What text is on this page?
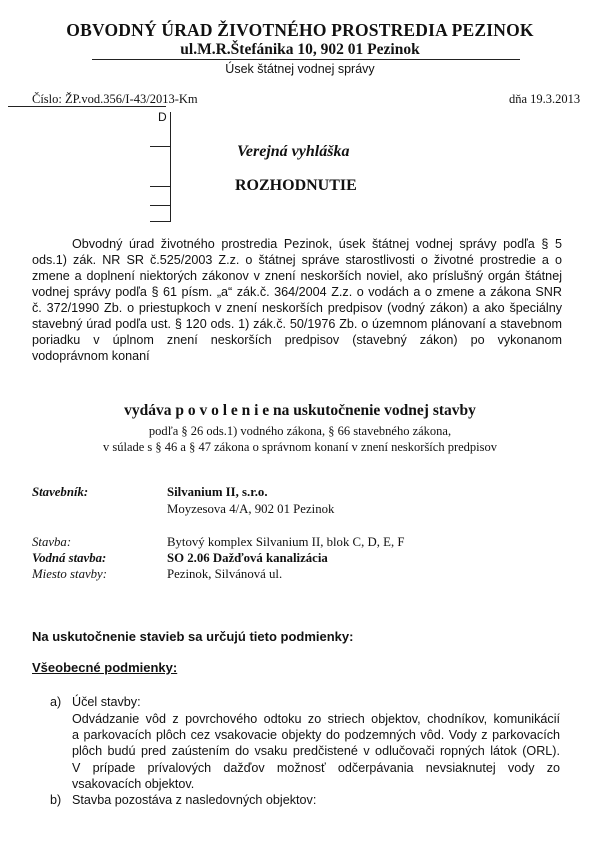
OBVODNÝ ÚRAD ŽIVOTNÉHO PROSTREDIA PEZINOK
ul.M.R.Štefánika 10, 902 01 Pezinok
Úsek štátnej vodnej správy
Číslo: ŽP.vod.356/I-43/2013-Km	dňa 19.3.2013
D
Verejná vyhláška
ROZHODNUTIE
Obvodný úrad životného prostredia Pezinok, úsek štátnej vodnej správy podľa § 5
ods.1) zák. NR SR č.525/2003 Z.z. o štátnej správe starostlivosti o životné prostredie a o
zmene a doplnení niektorých zákonov v znení neskorších noviel, ako príslušný orgán štátnej
vodnej správy podľa § 61 písm. „a“ zák.č. 364/2004 Z.z. o vodách a o zmene a zákona SNR
č. 372/1990 Zb. o priestupkoch v znení neskorších predpisov (vodný zákon) a ako špeciálny
stavebný úrad podľa ust. § 120 ods. 1) zák.č. 50/1976 Zb. o územnom plánovaní a stavebnom
poriadku v úplnom znení neskorších predpisov (stavebný zákon) po vykonanom
vodoprávnom konaní
vydáva p o v o l e n i e na uskutočnenie vodnej stavby
podľa § 26 ods.1) vodného zákona, § 66 stavebného zákona,
v súlade s § 46 a § 47 zákona o správnom konaní v znení neskorších predpisov
Stavebník:	Silvanium II, s.r.o.
Moyzesova 4/A, 902 01 Pezinok
Stavba:	Bytový komplex Silvanium II, blok C, D, E, F
Vodná stavba:	SO 2.06 Dažďová kanalizácia
Miesto stavby:	Pezinok, Silvánová ul.
Na uskutočnenie stavieb sa určujú tieto podmienky:
Všeobecné podmienky:
a) Účel stavby:
Odvádzanie vôd z povrchového odtoku zo striech objektov, chodníkov, komunikácií
a parkovacích plôch cez vsakovacie objekty do podzemných vôd. Vody z parkovacích
plôch budú pred zaústením do vsaku predčistené v odlučovači ropných látok (ORL).
V prípade prívalových dažďov možnosť odčerpávania nevsiaknutej vody zo
vsakovacích objektov.
b) Stavba pozostáva z nasledovných objektov:
